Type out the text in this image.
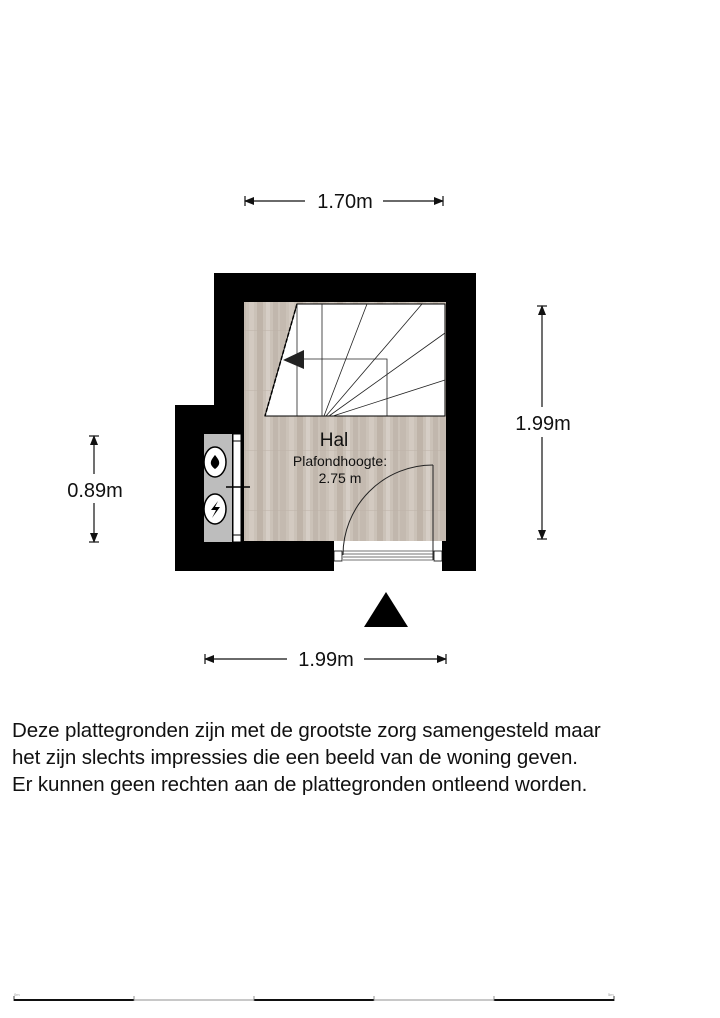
Hal
Plafondhoogte:
2.75 m
1.70m
1.99m
0.89m
1.99m
0m	5m
Deze plattegronden zijn met de grootste zorg samengesteld maar
het zijn slechts impressies die een beeld van de woning geven.
Er kunnen geen rechten aan de plattegronden ontleend worden.
